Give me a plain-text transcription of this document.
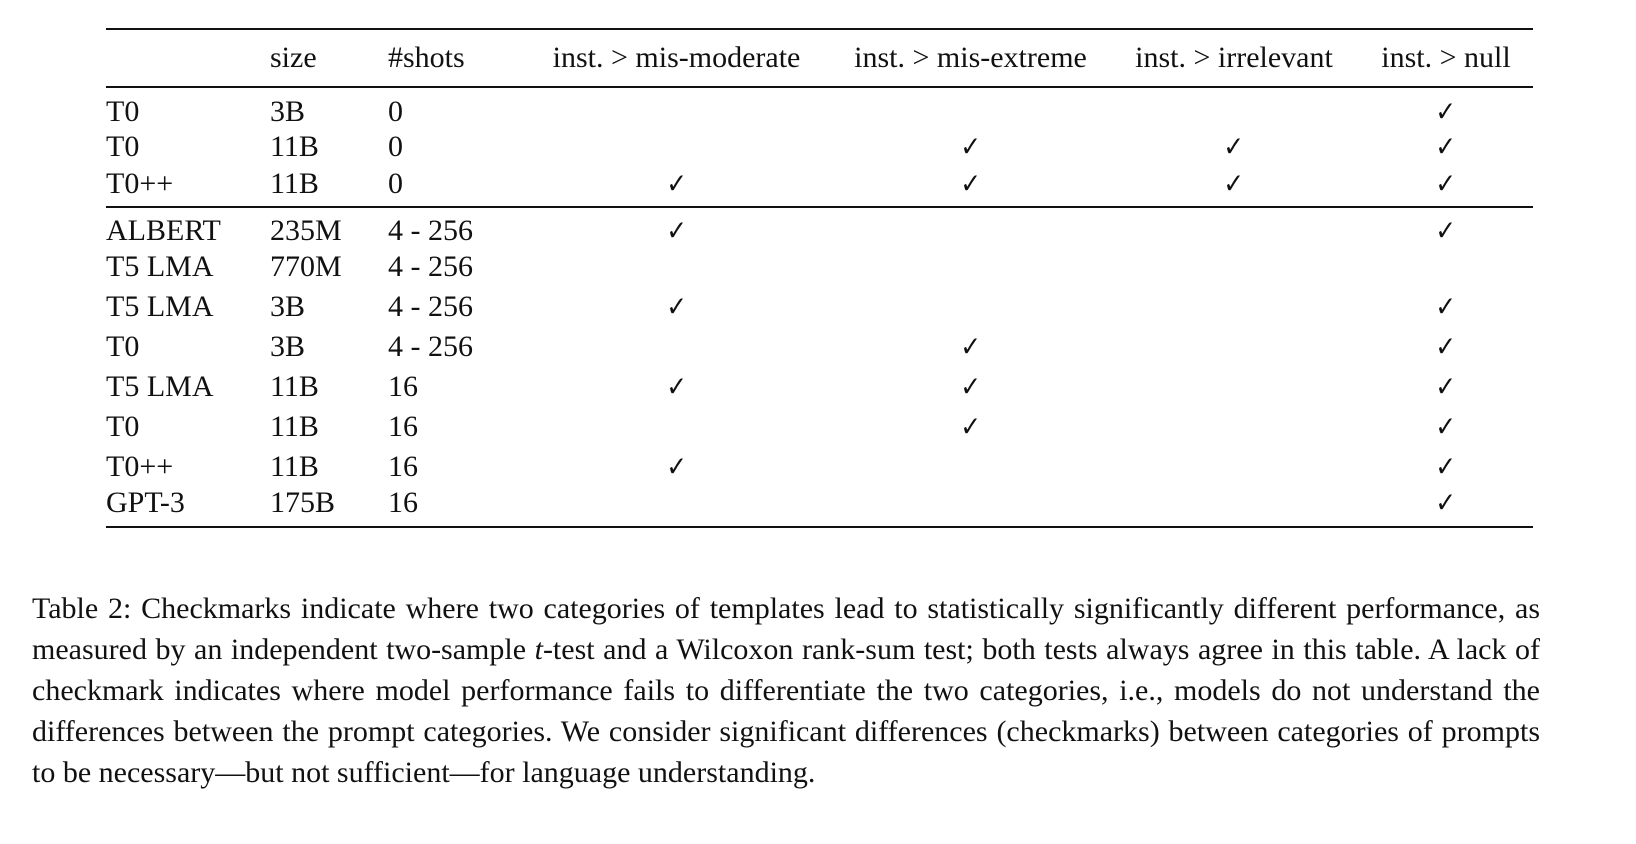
	size	#shots	inst. > mis-moderate	inst. > mis-extreme	inst. > irrelevant	inst. > null
T0	3B	0				✓
T0	11B	0		✓	✓	✓
T0++	11B	0	✓	✓	✓	✓
ALBERT	235M	4 - 256	✓			✓
T5 LMA	770M	4 - 256				
T5 LMA	3B	4 - 256	✓			✓
T0	3B	4 - 256		✓		✓
T5 LMA	11B	16	✓	✓		✓
T0	11B	16		✓		✓
T0++	11B	16	✓			✓
GPT-3	175B	16				✓
Table 2: Checkmarks indicate where two categories of templates lead to statistically significantly different performance, as measured by an independent two-sample t-test and a Wilcoxon rank-sum test; both tests always agree in this table. A lack of checkmark indicates where model performance fails to differentiate the two categories, i.e., models do not understand the differences between the prompt categories. We consider significant differences (checkmarks) between categories of prompts to be necessary—but not sufficient—for language understanding.
